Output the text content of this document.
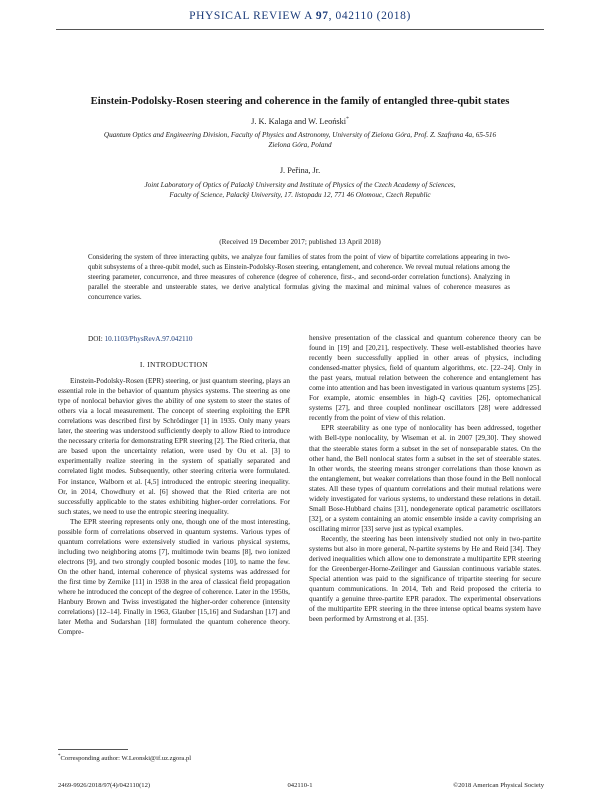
PHYSICAL REVIEW A 97, 042110 (2018)
Einstein-Podolsky-Rosen steering and coherence in the family of entangled three-qubit states
J. K. Kalaga and W. Leoński*
Quantum Optics and Engineering Division, Faculty of Physics and Astronomy, University of Zielona Góra, Prof. Z. Szafrana 4a, 65-516
Zielona Góra, Poland
J. Peřina, Jr.
Joint Laboratory of Optics of Palacký University and Institute of Physics of the Czech Academy of Sciences,
Faculty of Science, Palacký University, 17. listopadu 12, 771 46 Olomouc, Czech Republic
(Received 19 December 2017; published 13 April 2018)
Considering the system of three interacting qubits, we analyze four families of states from the point of view of bipartite correlations appearing in two-qubit subsystems of a three-qubit model, such as Einstein-Podolsky-Rosen steering, entanglement, and coherence. We reveal mutual relations among the steering parameter, concurrence, and three measures of coherence (degree of coherence, first-, and second-order correlation functions). Analyzing in parallel the steerable and unsteerable states, we derive analytical formulas giving the maximal and minimal values of coherence measures as concurrence varies.
DOI: 10.1103/PhysRevA.97.042110
I. INTRODUCTION

Einstein-Podolsky-Rosen (EPR) steering, or just quantum steering, plays an essential role in the behavior of quantum physics systems. The steering as one type of nonlocal behavior gives the ability of one system to steer the states of others via a local measurement. The concept of steering exploiting the EPR correlations was described first by Schrödinger [1] in 1935. Only many years later, the steering was understood sufficiently deeply to allow Ried to introduce the necessary criteria for demonstrating EPR steering [2]. The Ried criteria, that are based upon the uncertainty relation, were used by Ou et al. [3] to experimentally realize steering in the system of spatially separated and correlated light modes. Subsequently, other steering criteria were formulated. For instance, Walborn et al. [4,5] introduced the entropic steering inequality. Or, in 2014, Chowdhury et al. [6] showed that the Ried criteria are not successfully applicable to the states exhibiting higher-order correlations. For such states, we need to use the entropic steering inequality.

The EPR steering represents only one, though one of the most interesting, possible form of correlations observed in quantum systems. Various types of quantum correlations were extensively studied in various physical systems, including two neighboring atoms [7], multimode twin beams [8], two ionized electrons [9], and two strongly coupled bosonic modes [10], to name the few. On the other hand, internal coherence of physical systems was addressed for the first time by Zernike [11] in 1938 in the area of classical field propagation where he introduced the concept of the degree of coherence. Later in the 1950s, Hanbury Brown and Twiss investigated the higher-order coherence (intensity correlations) [12–14]. Finally in 1963, Glauber [15,16] and Sudarshan [17] and later Metha and Sudarshan [18] formulated the quantum coherence theory. Compre-

hensive presentation of the classical and quantum coherence theory can be found in [19] and [20,21], respectively. These well-established theories have recently been successfully applied in other areas of physics, including condensed-matter physics, field of quantum algorithms, etc. [22–24]. Only in the past years, mutual relation between the coherence and entanglement has come into attention and has been investigated in various quantum systems [25]. For example, atomic ensembles in high-Q cavities [26], optomechanical systems [27], and three coupled nonlinear oscillators [28] were addressed recently from the point of view of this relation.

EPR steerability as one type of nonlocality has been addressed, together with Bell-type nonlocality, by Wiseman et al. in 2007 [29,30]. They showed that the steerable states form a subset in the set of nonseparable states. On the other hand, the Bell nonlocal states form a subset in the set of steerable states. In other words, the steering means stronger correlations than those known as the entanglement, but weaker correlations than those found in the Bell nonlocal states. All these types of quantum correlations and their mutual relations were widely investigated for various systems, to understand these relations in detail. Small Bose-Hubbard chains [31], nondegenerate optical parametric oscillators [32], or a system containing an atomic ensemble inside a cavity comprising an oscillating mirror [33] serve just as typical examples.

Recently, the steering has been intensively studied not only in two-partite systems but also in more general, N-partite systems by He and Reid [34]. They derived inequalities which allow one to demonstrate a multipartite EPR steering for the Greenberger-Horne-Zeilinger and Gaussian continuous variable states. Special attention was paid to the significance of tripartite steering for secure quantum communications. In 2014, Teh and Reid proposed the criteria to quantify a genuine three-partite EPR paradox. The experimental observations of the multipartite EPR steering in the three intense optical beams system have been performed by Armstrong et al. [35].

*Corresponding author: W.Leonski@if.uz.zgora.pl
2469-9926/2018/97(4)/042110(12)	042110-1	©2018 American Physical Society
